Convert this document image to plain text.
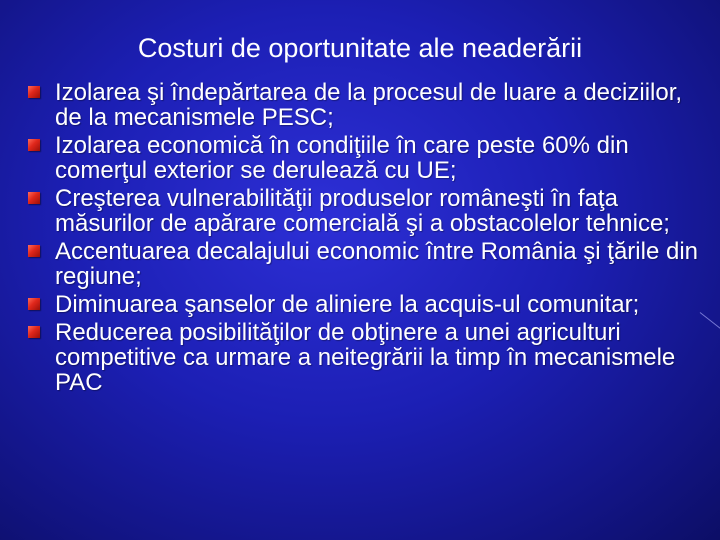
Costuri de oportunitate ale neaderării
Izolarea şi îndepărtarea de la procesul de luare a deciziilor, de la mecanismele PESC;
Izolarea economică în condiţiile în care peste 60% din comerţul exterior se derulează cu UE;
Creşterea vulnerabilităţii produselor româneşti în faţa măsurilor de apărare comercială şi a obstacolelor tehnice;
Accentuarea decalajului economic între România şi ţările din regiune;
Diminuarea şanselor de aliniere la acquis-ul comunitar;
Reducerea posibilităţilor de obţinere a unei agriculturi competitive ca urmare a neitegrării la timp în mecanismele PAC
